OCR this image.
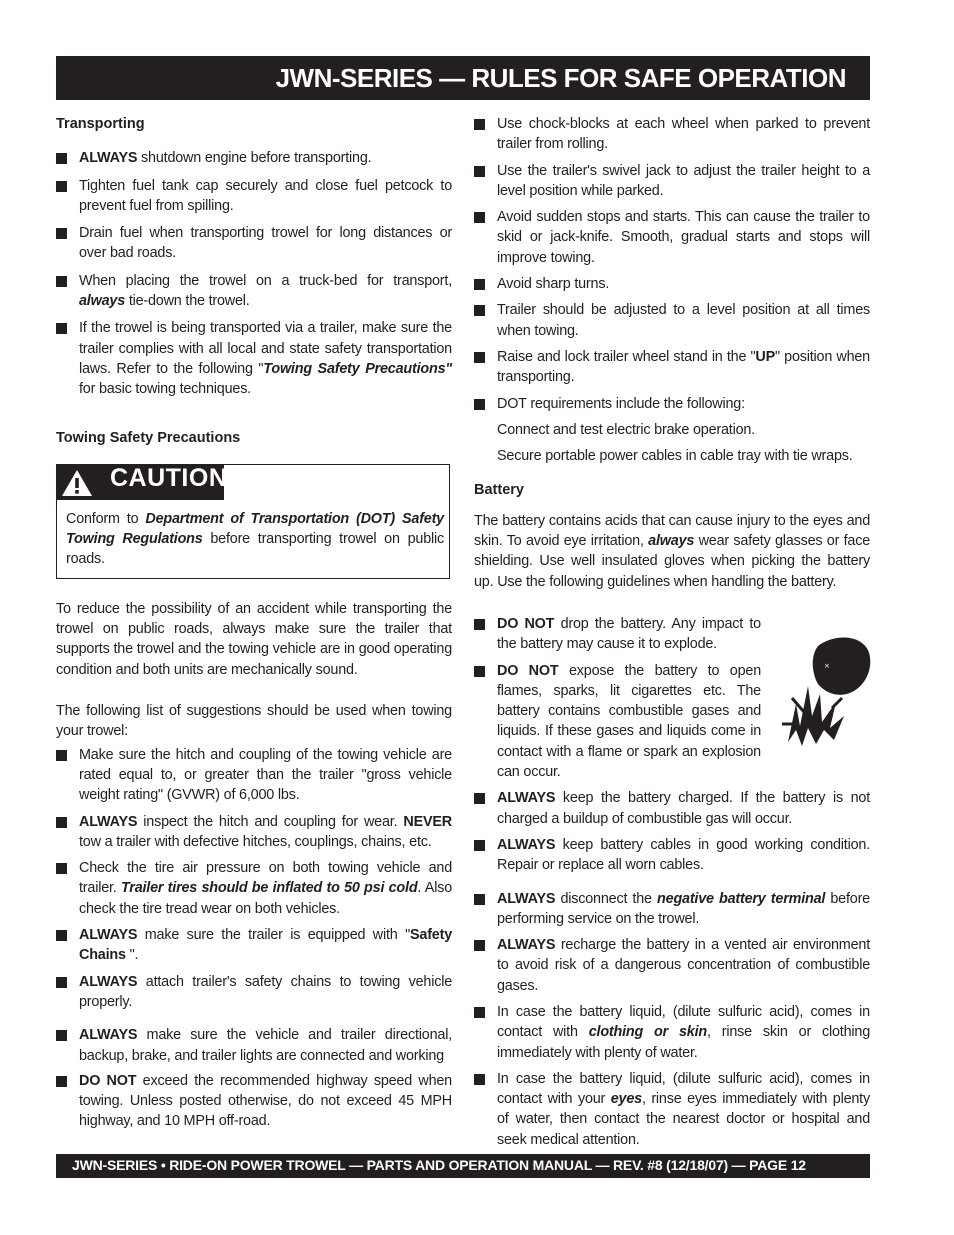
JWN-SERIES — RULES FOR SAFE OPERATION
Transporting
ALWAYS shutdown engine before transporting.
Tighten fuel tank cap securely and close fuel petcock to prevent fuel from spilling.
Drain fuel when transporting trowel for long distances or over bad roads.
When placing the trowel on a truck-bed for transport, always tie-down the trowel.
If the trowel is being transported via a trailer, make sure the trailer complies with all local and state safety transportation laws. Refer to the following "Towing Safety Precautions" for basic towing techniques.
Towing Safety Precautions
CAUTION
Conform to Department of Transportation (DOT) Safety Towing Regulations before transporting trowel on public roads.
To reduce the possibility of an accident while transporting the trowel on public roads, always make sure the trailer that supports the trowel and the towing vehicle are in good operating condition and both units are mechanically sound.
The following list of suggestions should be used when towing your trowel:
Make sure the hitch and coupling of the towing vehicle are rated equal to, or greater than the trailer "gross vehicle weight rating" (GVWR) of 6,000 lbs.
ALWAYS inspect the hitch and coupling for wear. NEVER tow a trailer with defective hitches, couplings, chains, etc.
Check the tire air pressure on both towing vehicle and trailer. Trailer tires should be inflated to 50 psi cold. Also check the tire tread wear on both vehicles.
ALWAYS make sure the trailer is equipped with "Safety Chains ".
ALWAYS attach trailer's safety chains to towing vehicle properly.
ALWAYS make sure the vehicle and trailer directional, backup, brake, and trailer lights are connected and working
DO NOT exceed the recommended highway speed when towing. Unless posted otherwise, do not exceed 45 MPH highway, and 10 MPH off-road.
Use chock-blocks at each wheel when parked to prevent trailer from rolling.
Use the trailer's swivel jack to adjust the trailer height to a level position while parked.
Avoid sudden stops and starts. This can cause the trailer to skid or jack-knife. Smooth, gradual starts and stops will improve towing.
Avoid sharp turns.
Trailer should be adjusted to a level position at all times when towing.
Raise and lock trailer wheel stand in the "UP" position when transporting.
DOT requirements include the following:
Connect and test electric brake operation.
Secure portable power cables in cable tray with tie wraps.
Battery
The battery contains acids that can cause injury to the eyes and skin. To avoid eye irritation, always wear safety glasses or face shielding. Use well insulated gloves when picking the battery up. Use the following guidelines when handling the battery.
DO NOT drop the battery. Any impact to the battery may cause it to explode.
DO NOT expose the battery to open flames, sparks, lit cigarettes etc. The battery contains combustible gases and liquids. If these gases and liquids come in contact with a flame or spark an explosion can occur.
ALWAYS keep the battery charged. If the battery is not charged a buildup of combustible gas will occur.
ALWAYS keep battery cables in good working condition. Repair or replace all worn cables.
ALWAYS disconnect the negative battery terminal before performing service on the trowel.
ALWAYS recharge the battery in a vented air environment to avoid risk of a dangerous concentration of combustible gases.
In case the battery liquid, (dilute sulfuric acid), comes in contact with clothing or skin, rinse skin or clothing immediately with plenty of water.
In case the battery liquid, (dilute sulfuric acid), comes in contact with your eyes, rinse eyes immediately with plenty of water, then contact the nearest doctor or hospital and seek medical attention.
×
JWN-SERIES • RIDE-ON POWER TROWEL — PARTS AND OPERATION MANUAL — REV. #8 (12/18/07) — PAGE 12
